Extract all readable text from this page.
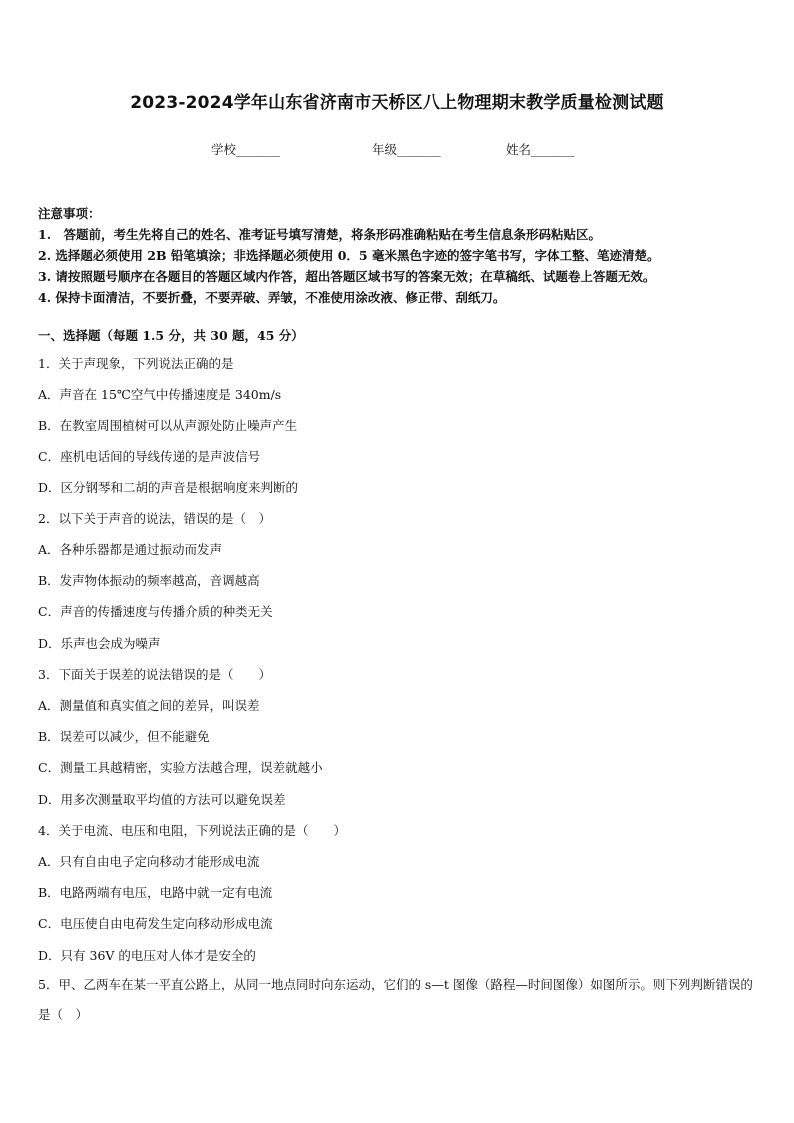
2023-2024学年山东省济南市天桥区八上物理期末教学质量检测试题
学校_______	年级_______	姓名_______
注意事项：
1.　答题前，考生先将自己的姓名、准考证号填写清楚，将条形码准确粘贴在考生信息条形码粘贴区。
2. 选择题必须使用 2B 铅笔填涂；非选择题必须使用 0．5 毫米黑色字迹的签字笔书写，字体工整、笔迹清楚。
3. 请按照题号顺序在各题目的答题区域内作答，超出答题区域书写的答案无效；在草稿纸、试题卷上答题无效。
4. 保持卡面清洁，不要折叠，不要弄破、弄皱，不准使用涂改液、修正带、刮纸刀。
一、选择题（每题 1.5 分，共 30 题，45 分）
1．关于声现象，下列说法正确的是
A．声音在 15℃空气中传播速度是 340m/s
B．在教室周围植树可以从声源处防止噪声产生
C．座机电话间的导线传递的是声波信号
D．区分钢琴和二胡的声音是根据响度来判断的
2．以下关于声音的说法，错误的是（　）
A．各种乐器都是通过振动而发声
B．发声物体振动的频率越高，音调越高
C．声音的传播速度与传播介质的种类无关
D．乐声也会成为噪声
3．下面关于误差的说法错误的是（　　）
A．测量值和真实值之间的差异，叫误差
B．误差可以减少，但不能避免
C．测量工具越精密，实验方法越合理，误差就越小
D．用多次测量取平均值的方法可以避免误差
4．关于电流、电压和电阻，下列说法正确的是（　　）
A．只有自由电子定向移动才能形成电流
B．电路两端有电压，电路中就一定有电流
C．电压使自由电荷发生定向移动形成电流
D．只有 36V 的电压对人体才是安全的
5．甲、乙两车在某一平直公路上，从同一地点同时向东运动，它们的 s—t 图像（路程—时间图像）如图所示。则下列判断错误的是（　）
